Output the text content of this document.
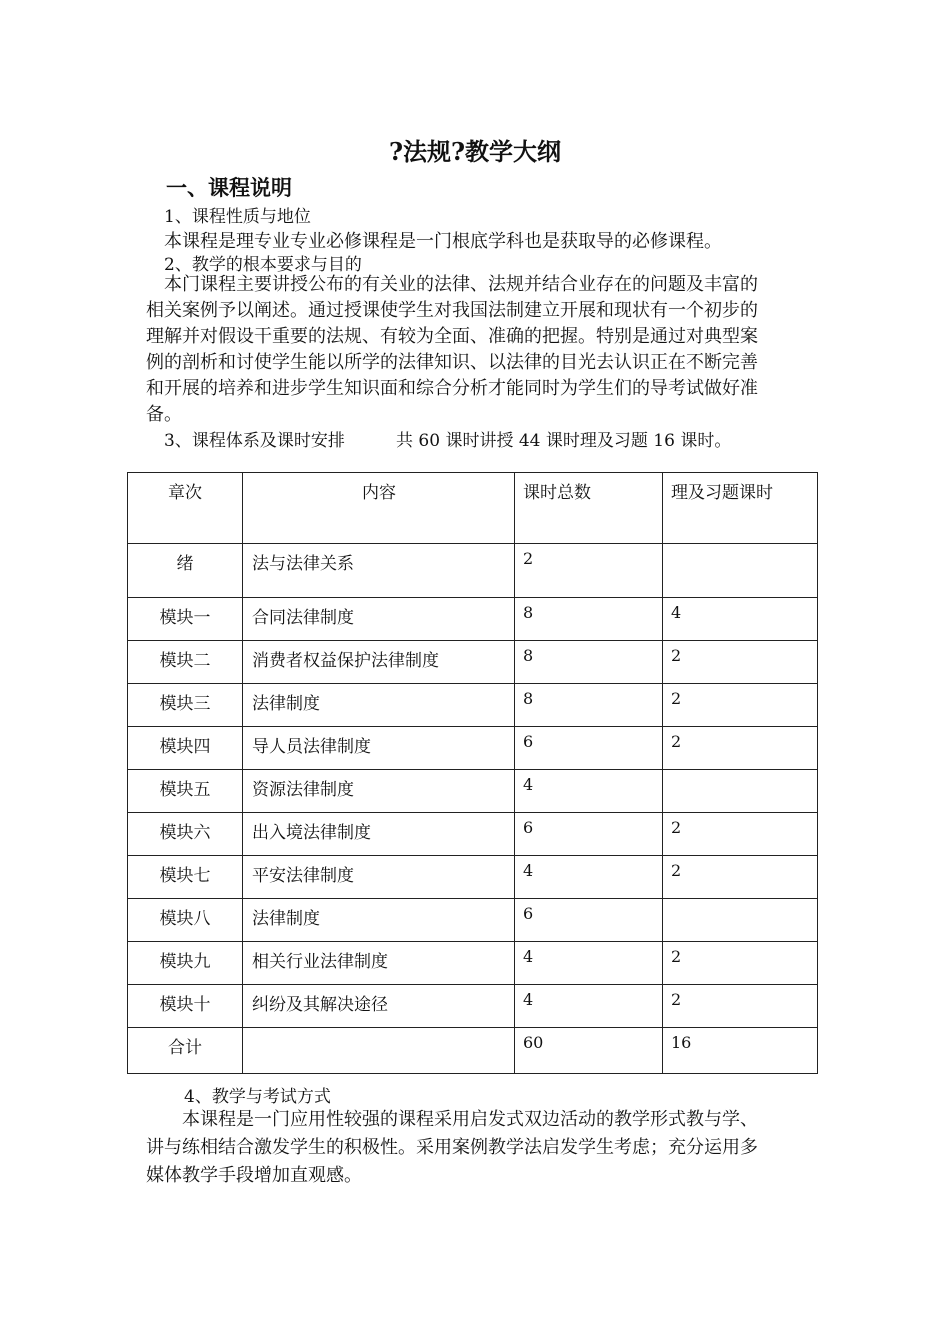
?法规?教学大纲
一、课程说明
1、课程性质与地位
本课程是理专业专业必修课程是一门根底学科也是获取导的必修课程。
2、教学的根本要求与目的
本门课程主要讲授公布的有关业的法律、法规并结合业存在的问题及丰富的
相关案例予以阐述。通过授课使学生对我国法制建立开展和现状有一个初步的
理解并对假设干重要的法规、有较为全面、准确的把握。特别是通过对典型案
例的剖析和讨使学生能以所学的法律知识、以法律的目光去认识正在不断完善
和开展的培养和进步学生知识面和综合分析才能同时为学生们的导考试做好准
备。
3、课程体系及课时安排	共 60 课时讲授 44 课时理及习题 16 课时。
章次	内容	课时总数	理及习题课时
绪	法与法律关系	2	
模块一	合同法律制度	8	4
模块二	消费者权益保护法律制度	8	2
模块三	法律制度	8	2
模块四	导人员法律制度	6	2
模块五	资源法律制度	4	
模块六	出入境法律制度	6	2
模块七	平安法律制度	4	2
模块八	法律制度	6	
模块九	相关行业法律制度	4	2
模块十	纠纷及其解决途径	4	2
合计		60	16
4、教学与考试方式
本课程是一门应用性较强的课程采用启发式双边活动的教学形式教与学、
讲与练相结合激发学生的积极性。采用案例教学法启发学生考虑；充分运用多
媒体教学手段增加直观感。
